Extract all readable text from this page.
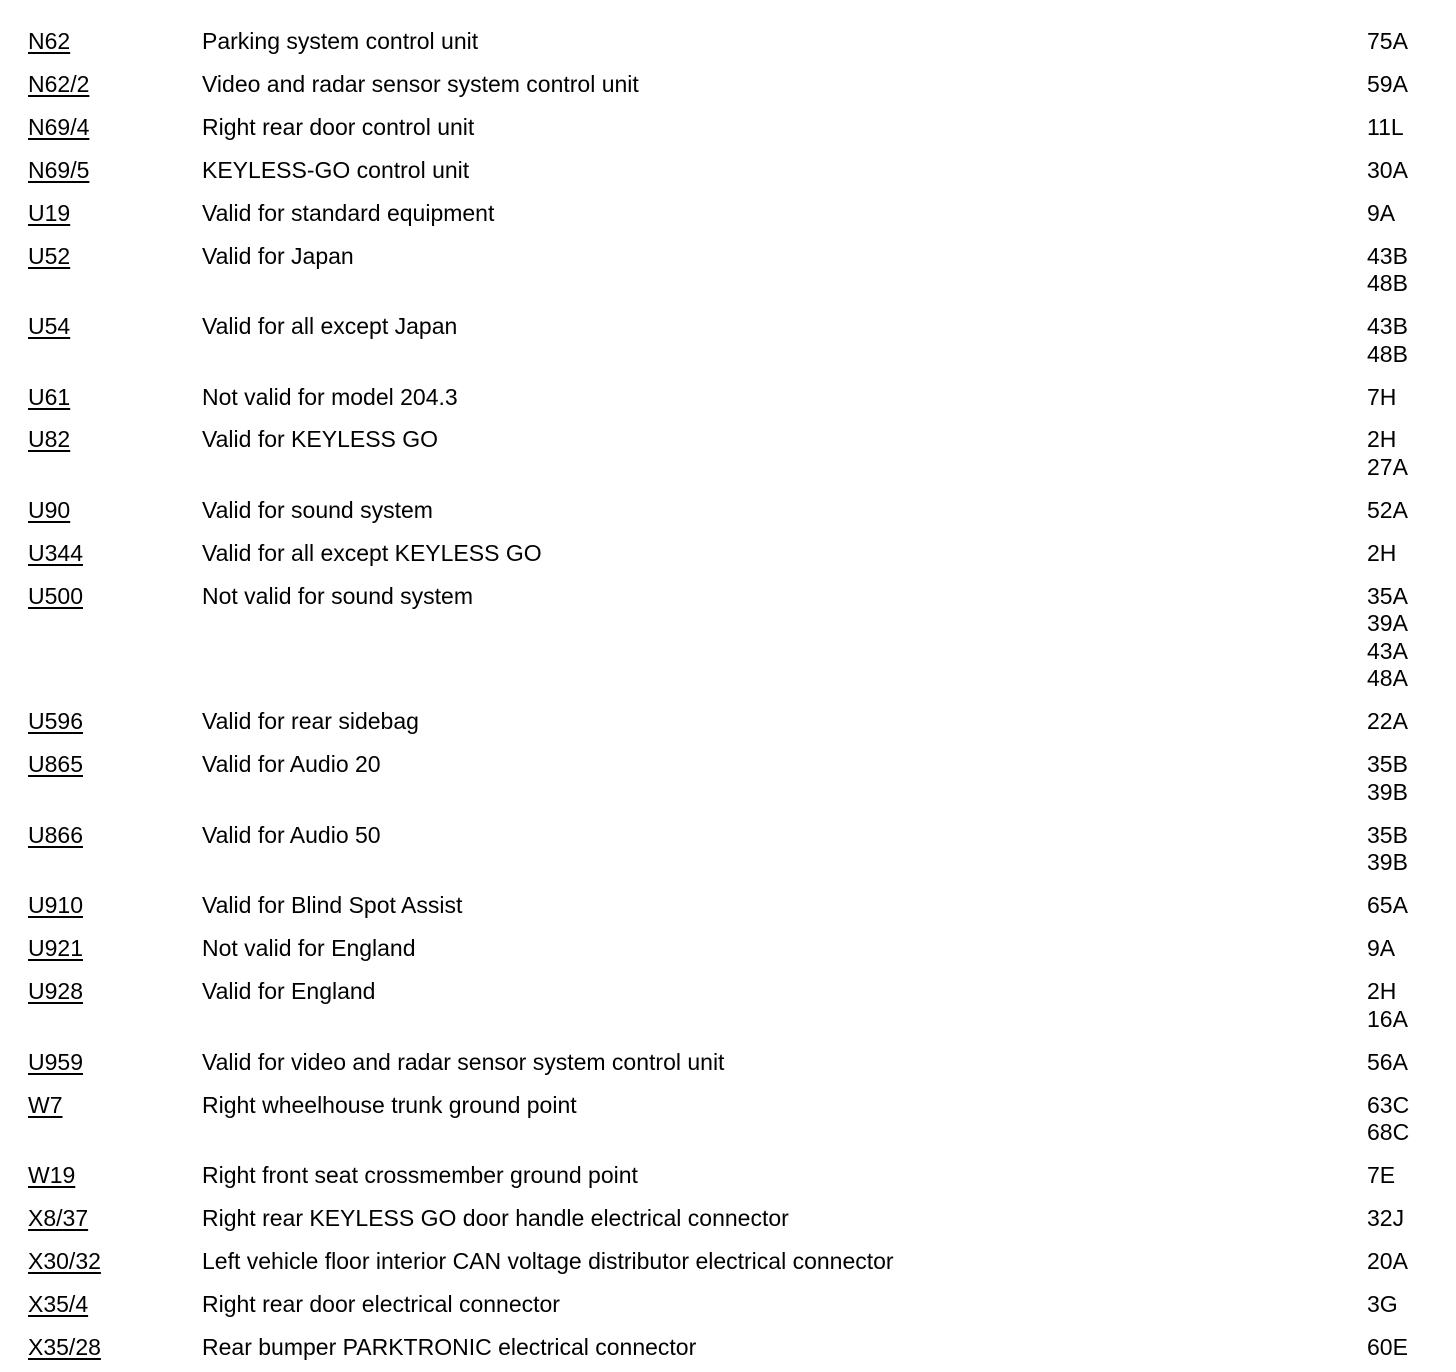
N62	Parking system control unit	75A
N62/2	Video and radar sensor system control unit	59A
N69/4	Right rear door control unit	11L
N69/5	KEYLESS-GO control unit	30A
U19	Valid for standard equipment	9A
U52	Valid for Japan	43B
48B
U54	Valid for all except Japan	43B
48B
U61	Not valid for model 204.3	7H
U82	Valid for KEYLESS GO	2H
27A
U90	Valid for sound system	52A
U344	Valid for all except KEYLESS GO	2H
U500	Not valid for sound system	35A
39A
43A
48A
U596	Valid for rear sidebag	22A
U865	Valid for Audio 20	35B
39B
U866	Valid for Audio 50	35B
39B
U910	Valid for Blind Spot Assist	65A
U921	Not valid for England	9A
U928	Valid for England	2H
16A
U959	Valid for video and radar sensor system control unit	56A
W7	Right wheelhouse trunk ground point	63C
68C
W19	Right front seat crossmember ground point	7E
X8/37	Right rear KEYLESS GO door handle electrical connector	32J
X30/32	Left vehicle floor interior CAN voltage distributor electrical connector	20A
X35/4	Right rear door electrical connector	3G
X35/28	Rear bumper PARKTRONIC electrical connector	60E
